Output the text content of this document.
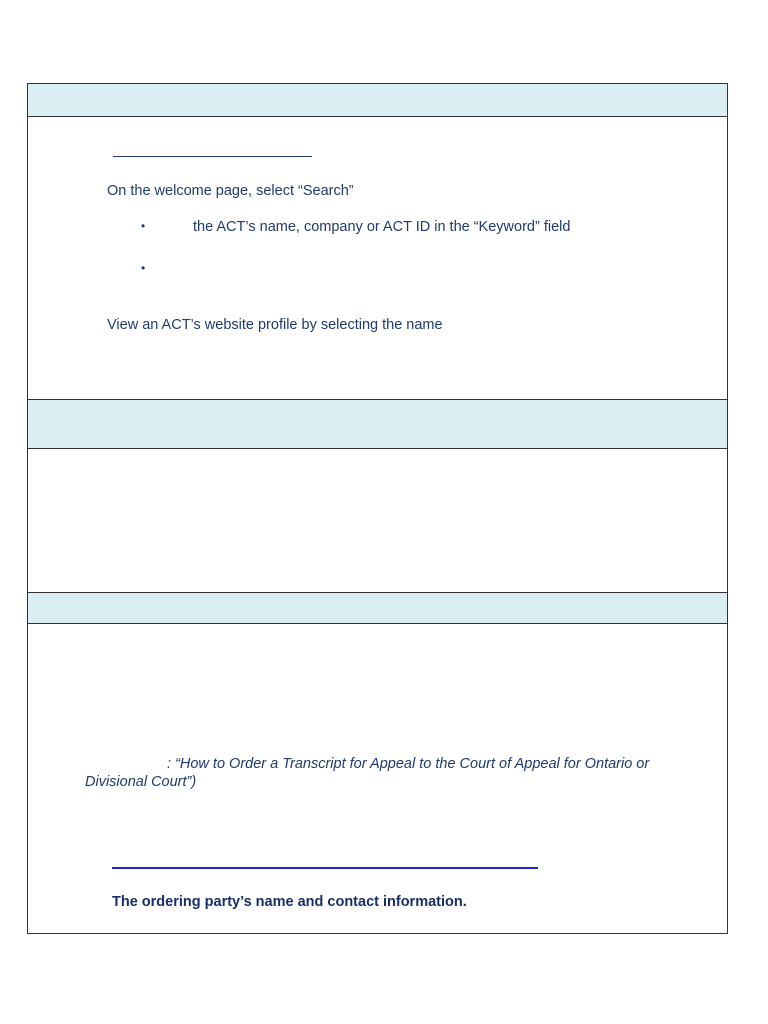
On the welcome page, select “Search”
•	the ACT’s name, company or ACT ID in the “Keyword” field
•
View an ACT’s website profile by selecting the name
: “How to Order a Transcript for Appeal to the Court of Appeal for Ontario or
Divisional Court”)
The ordering party’s name and contact information.
